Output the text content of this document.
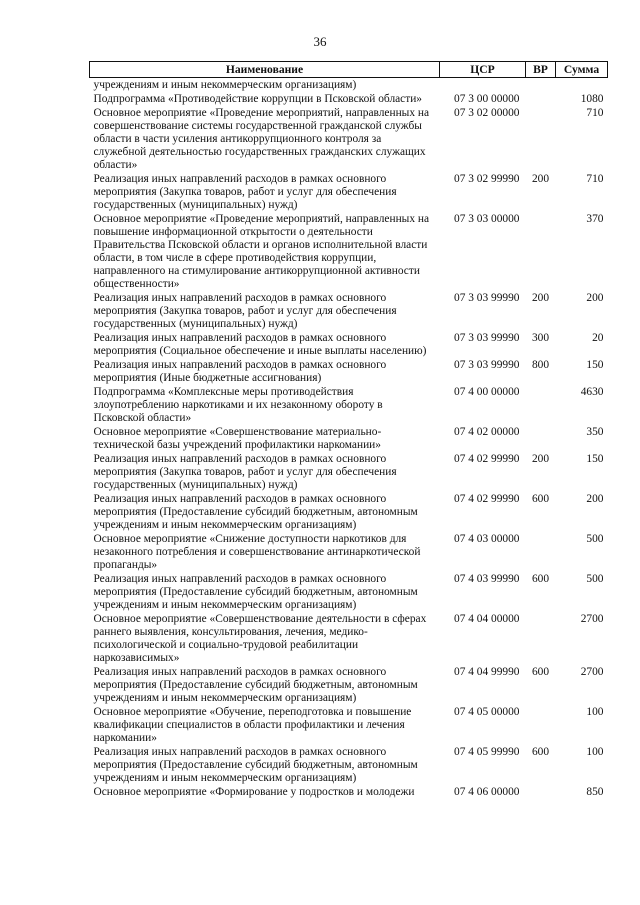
36
Наименование	ЦСР	ВР	Сумма
учреждениям и иным некоммерческим организациям)			
Подпрограмма «Противодействие коррупции в Псковской области»	07 3 00 00000		1080
Основное мероприятие «Проведение мероприятий, направленных на совершенствование системы государственной гражданской службы области в части усиления антикоррупционного контроля за служебной деятельностью государственных гражданских служащих области»	07 3 02 00000		710
Реализация иных направлений расходов в рамках основного мероприятия (Закупка товаров, работ и услуг для обеспечения государственных (муниципальных) нужд)	07 3 02 99990	200	710
Основное мероприятие «Проведение мероприятий, направленных на повышение информационной открытости о деятельности Правительства Псковской области и органов исполнительной власти области, в том числе в сфере противодействия коррупции, направленного на стимулирование антикоррупционной активности общественности»	07 3 03 00000		370
Реализация иных направлений расходов в рамках основного мероприятия (Закупка товаров, работ и услуг для обеспечения государственных (муниципальных) нужд)	07 3 03 99990	200	200
Реализация иных направлений расходов в рамках основного мероприятия (Социальное обеспечение и иные выплаты населению)	07 3 03 99990	300	20
Реализация иных направлений расходов в рамках основного мероприятия (Иные бюджетные ассигнования)	07 3 03 99990	800	150
Подпрограмма «Комплексные меры противодействия злоупотреблению наркотиками и их незаконному обороту в Псковской области»	07 4 00 00000		4630
Основное мероприятие «Совершенствование материально-технической базы учреждений профилактики наркомании»	07 4 02 00000		350
Реализация иных направлений расходов в рамках основного мероприятия (Закупка товаров, работ и услуг для обеспечения государственных (муниципальных) нужд)	07 4 02 99990	200	150
Реализация иных направлений расходов в рамках основного мероприятия (Предоставление субсидий бюджетным, автономным учреждениям и иным некоммерческим организациям)	07 4 02 99990	600	200
Основное мероприятие «Снижение доступности наркотиков для незаконного потребления и совершенствование антинаркотической пропаганды»	07 4 03 00000		500
Реализация иных направлений расходов в рамках основного мероприятия (Предоставление субсидий бюджетным, автономным учреждениям и иным некоммерческим организациям)	07 4 03 99990	600	500
Основное мероприятие «Совершенствование деятельности в сферах раннего выявления, консультирования, лечения, медико-психологической и социально-трудовой реабилитации наркозависимых»	07 4 04 00000		2700
Реализация иных направлений расходов в рамках основного мероприятия (Предоставление субсидий бюджетным, автономным учреждениям и иным некоммерческим организациям)	07 4 04 99990	600	2700
Основное мероприятие «Обучение, переподготовка и повышение квалификации специалистов в области профилактики и лечения наркомании»	07 4 05 00000		100
Реализация иных направлений расходов в рамках основного мероприятия (Предоставление субсидий бюджетным, автономным учреждениям и иным некоммерческим организациям)	07 4 05 99990	600	100
Основное мероприятие «Формирование у подростков и молодежи	07 4 06 00000		850
